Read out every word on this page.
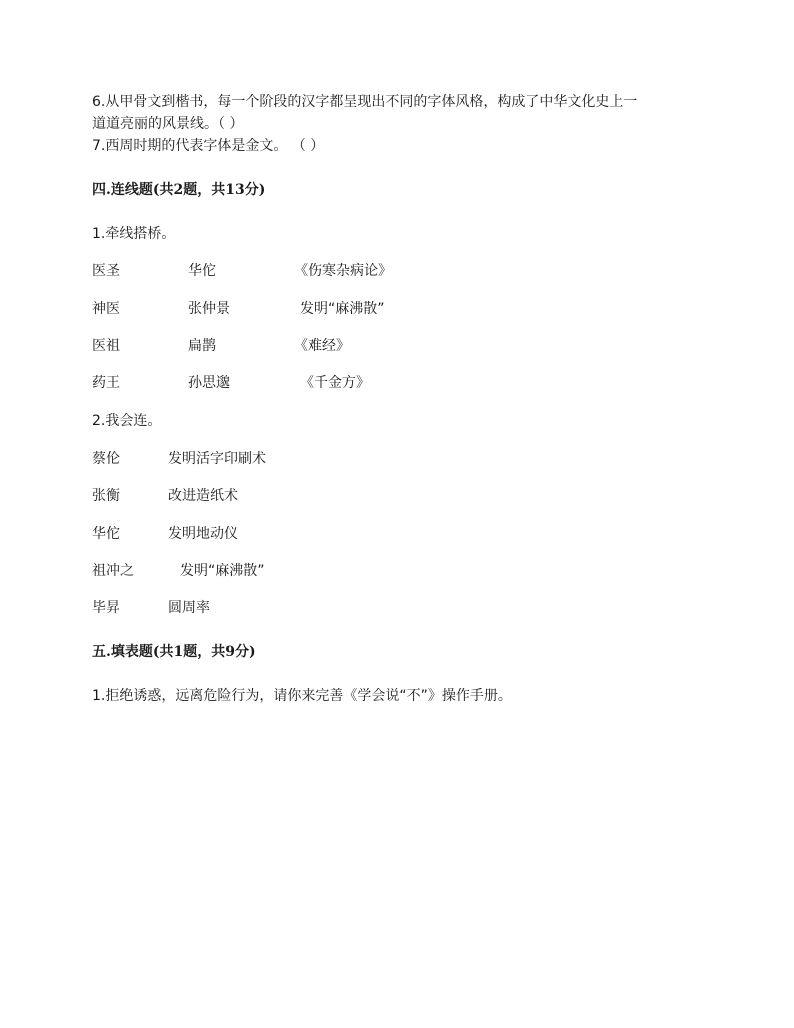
6.从甲骨文到楷书，每一个阶段的汉字都呈现出不同的字体风格，构成了中华文化史上一
道道亮丽的风景线。（ ）
7.西周时期的代表字体是金文。 （ ）
四.连线题(共2题，共13分)
1.牵线搭桥。
医圣	华佗	《伤寒杂病论》
神医	张仲景	发明“麻沸散”
医祖	扁鹊	《难经》
药王	孙思邈	《千金方》
2.我会连。
蔡伦	发明活字印刷术
张衡	改进造纸术
华佗	发明地动仪
祖冲之	发明“麻沸散”
毕昇	圆周率
五.填表题(共1题，共9分)
1.拒绝诱惑，远离危险行为，请你来完善《学会说“不”》操作手册。
